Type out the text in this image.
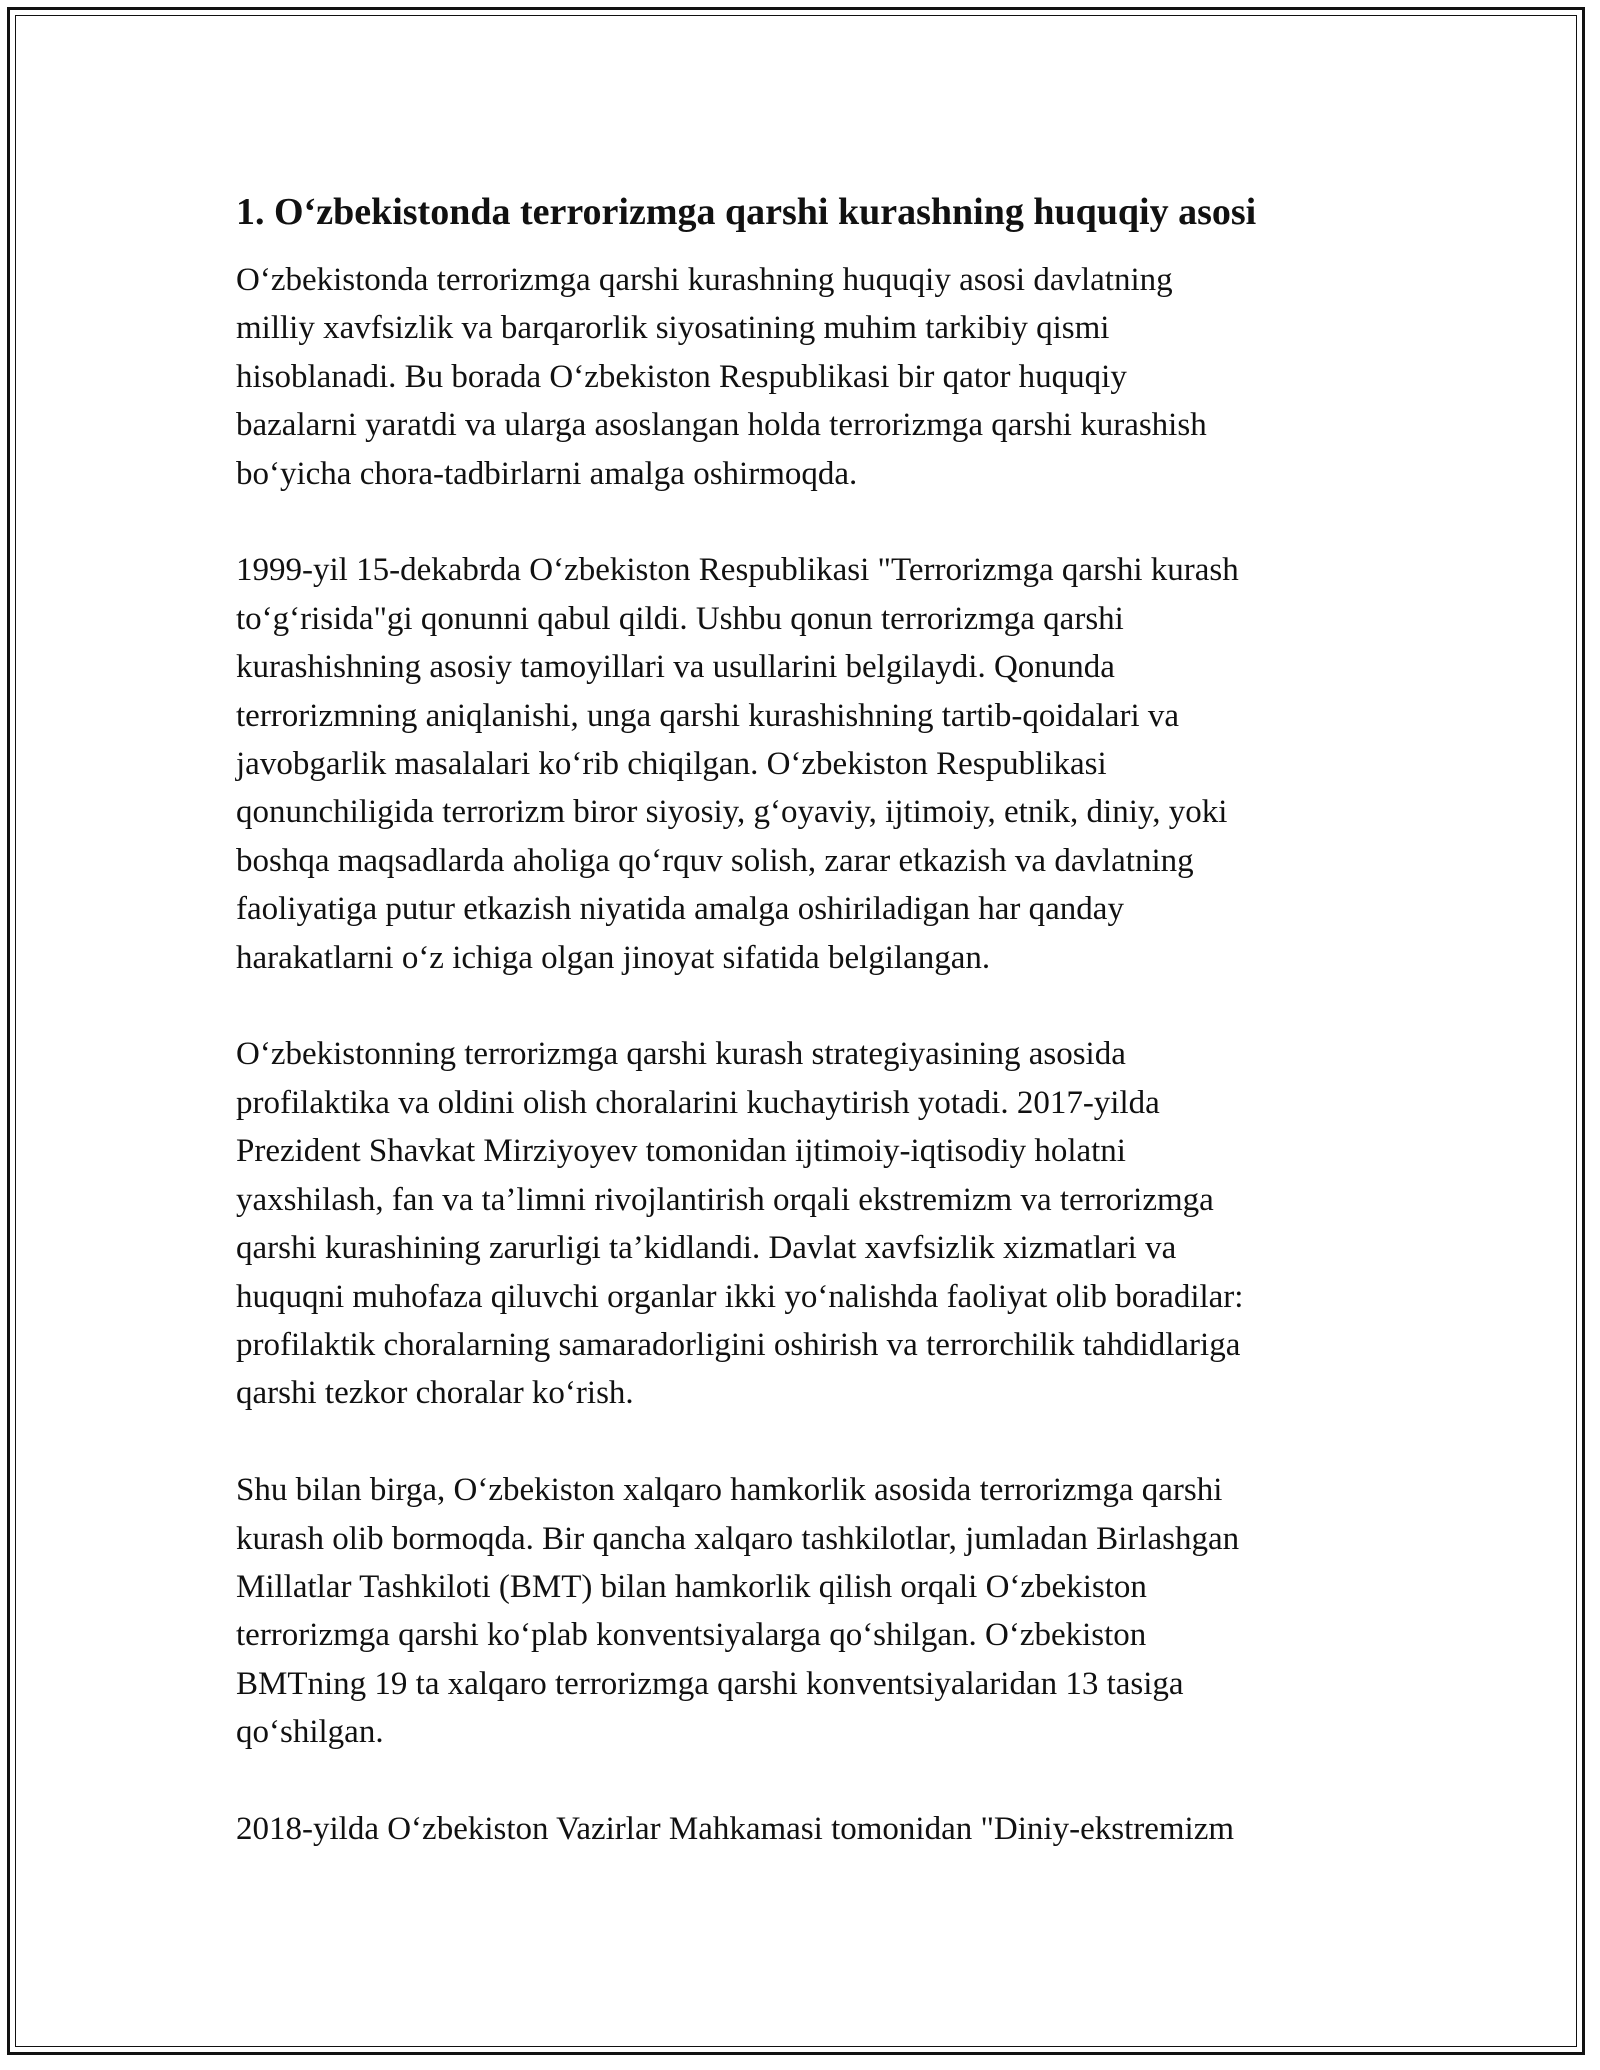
1. O‘zbekistonda terrorizmga qarshi kurashning huquqiy asosi

O‘zbekistonda terrorizmga qarshi kurashning huquqiy asosi davlatning
milliy xavfsizlik va barqarorlik siyosatining muhim tarkibiy qismi
hisoblanadi. Bu borada O‘zbekiston Respublikasi bir qator huquqiy
bazalarni yaratdi va ularga asoslangan holda terrorizmga qarshi kurashish
bo‘yicha chora-tadbirlarni amalga oshirmoqda.

1999-yil 15-dekabrda O‘zbekiston Respublikasi "Terrorizmga qarshi kurash
to‘g‘risida"gi qonunni qabul qildi. Ushbu qonun terrorizmga qarshi
kurashishning asosiy tamoyillari va usullarini belgilaydi. Qonunda
terrorizmning aniqlanishi, unga qarshi kurashishning tartib-qoidalari va
javobgarlik masalalari ko‘rib chiqilgan. O‘zbekiston Respublikasi
qonunchiligida terrorizm biror siyosiy, g‘oyaviy, ijtimoiy, etnik, diniy, yoki
boshqa maqsadlarda aholiga qo‘rquv solish, zarar etkazish va davlatning
faoliyatiga putur etkazish niyatida amalga oshiriladigan har qanday
harakatlarni o‘z ichiga olgan jinoyat sifatida belgilangan.

O‘zbekistonning terrorizmga qarshi kurash strategiyasining asosida
profilaktika va oldini olish choralarini kuchaytirish yotadi. 2017-yilda
Prezident Shavkat Mirziyoyev tomonidan ijtimoiy-iqtisodiy holatni
yaxshilash, fan va ta’limni rivojlantirish orqali ekstremizm va terrorizmga
qarshi kurashining zarurligi ta’kidlandi. Davlat xavfsizlik xizmatlari va
huquqni muhofaza qiluvchi organlar ikki yo‘nalishda faoliyat olib boradilar:
profilaktik choralarning samaradorligini oshirish va terrorchilik tahdidlariga
qarshi tezkor choralar ko‘rish.

Shu bilan birga, O‘zbekiston xalqaro hamkorlik asosida terrorizmga qarshi
kurash olib bormoqda. Bir qancha xalqaro tashkilotlar, jumladan Birlashgan
Millatlar Tashkiloti (BMT) bilan hamkorlik qilish orqali O‘zbekiston
terrorizmga qarshi ko‘plab konventsiyalarga qo‘shilgan. O‘zbekiston
BMTning 19 ta xalqaro terrorizmga qarshi konventsiyalaridan 13 tasiga
qo‘shilgan.

2018-yilda O‘zbekiston Vazirlar Mahkamasi tomonidan "Diniy-ekstremizm
